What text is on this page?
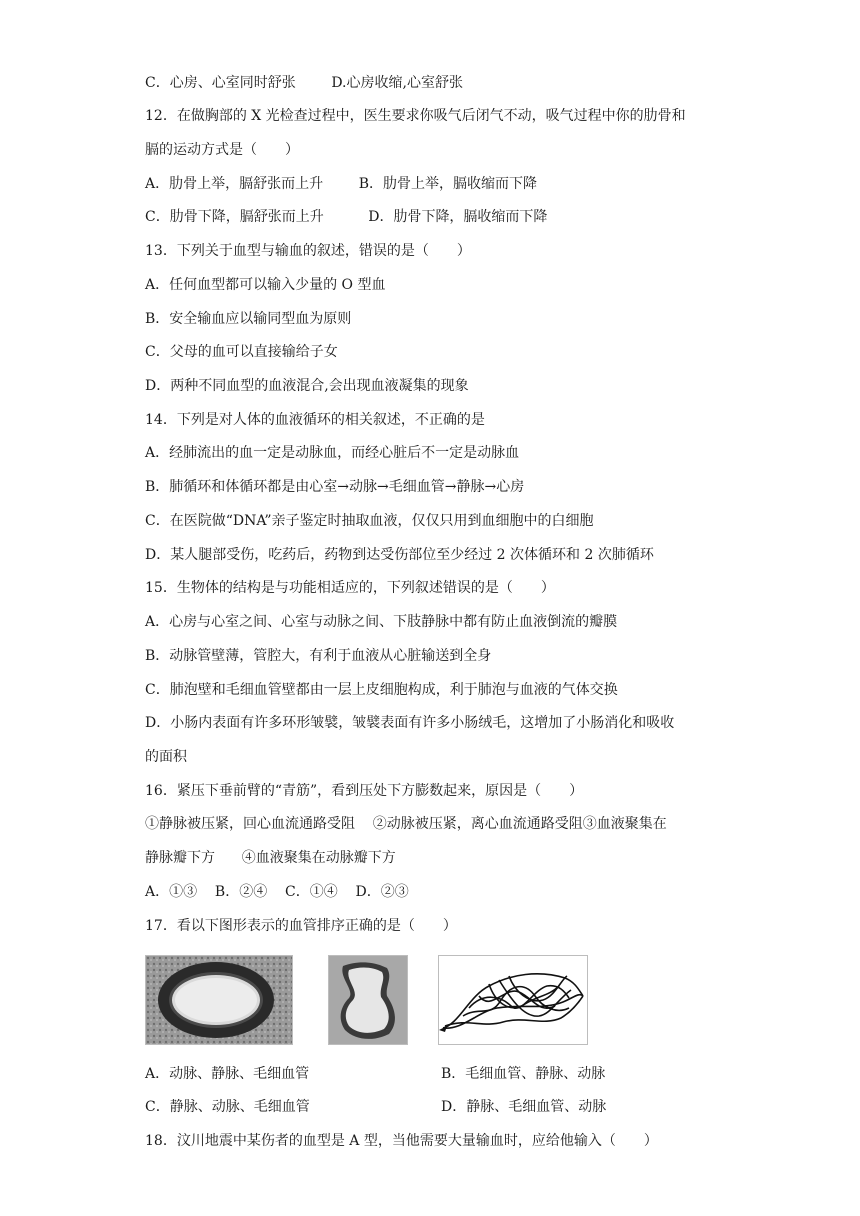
C．心房、心室同时舒张        D.心房收缩,心室舒张
12．在做胸部的 X 光检查过程中，医生要求你吸气后闭气不动，吸气过程中你的肋骨和
膈的运动方式是（　　）
A．肋骨上举，膈舒张而上升        B．肋骨上举，膈收缩而下降
C．肋骨下降，膈舒张而上升          D．肋骨下降，膈收缩而下降
13．下列关于血型与输血的叙述，错误的是（　　）
A．任何血型都可以输入少量的 O 型血
B．安全输血应以输同型血为原则
C．父母的血可以直接输给子女
D．两种不同血型的血液混合,会出现血液凝集的现象
14．下列是对人体的血液循环的相关叙述，不正确的是
A．经肺流出的血一定是动脉血，而经心脏后不一定是动脉血
B．肺循环和体循环都是由心室→动脉→毛细血管→静脉→心房
C．在医院做“DNA”亲子鉴定时抽取血液，仅仅只用到血细胞中的白细胞
D．某人腿部受伤，吃药后，药物到达受伤部位至少经过 2 次体循环和 2 次肺循环
15．生物体的结构是与功能相适应的，下列叙述错误的是（　　）
A．心房与心室之间、心室与动脉之间、下肢静脉中都有防止血液倒流的瓣膜
B．动脉管壁薄，管腔大，有利于血液从心脏输送到全身
C．肺泡壁和毛细血管壁都由一层上皮细胞构成，利于肺泡与血液的气体交换
D．小肠内表面有许多环形皱襞，皱襞表面有许多小肠绒毛，这增加了小肠消化和吸收
的面积
16．紧压下垂前臂的“青筋”，看到压处下方膨数起来，原因是（　　）
①静脉被压紧，回心血流通路受阻    ②动脉被压紧，离心血流通路受阻③血液聚集在
静脉瓣下方      ④血液聚集在动脉瓣下方
A．①③    B．②④    C．①④    D．②③
17．看以下图形表示的血管排序正确的是（　　）
A．动脉、静脉、毛细血管	B．毛细血管、静脉、动脉
C．静脉、动脉、毛细血管	D．静脉、毛细血管、动脉
18．汶川地震中某伤者的血型是 A 型，当他需要大量输血时，应给他输入（　　）
